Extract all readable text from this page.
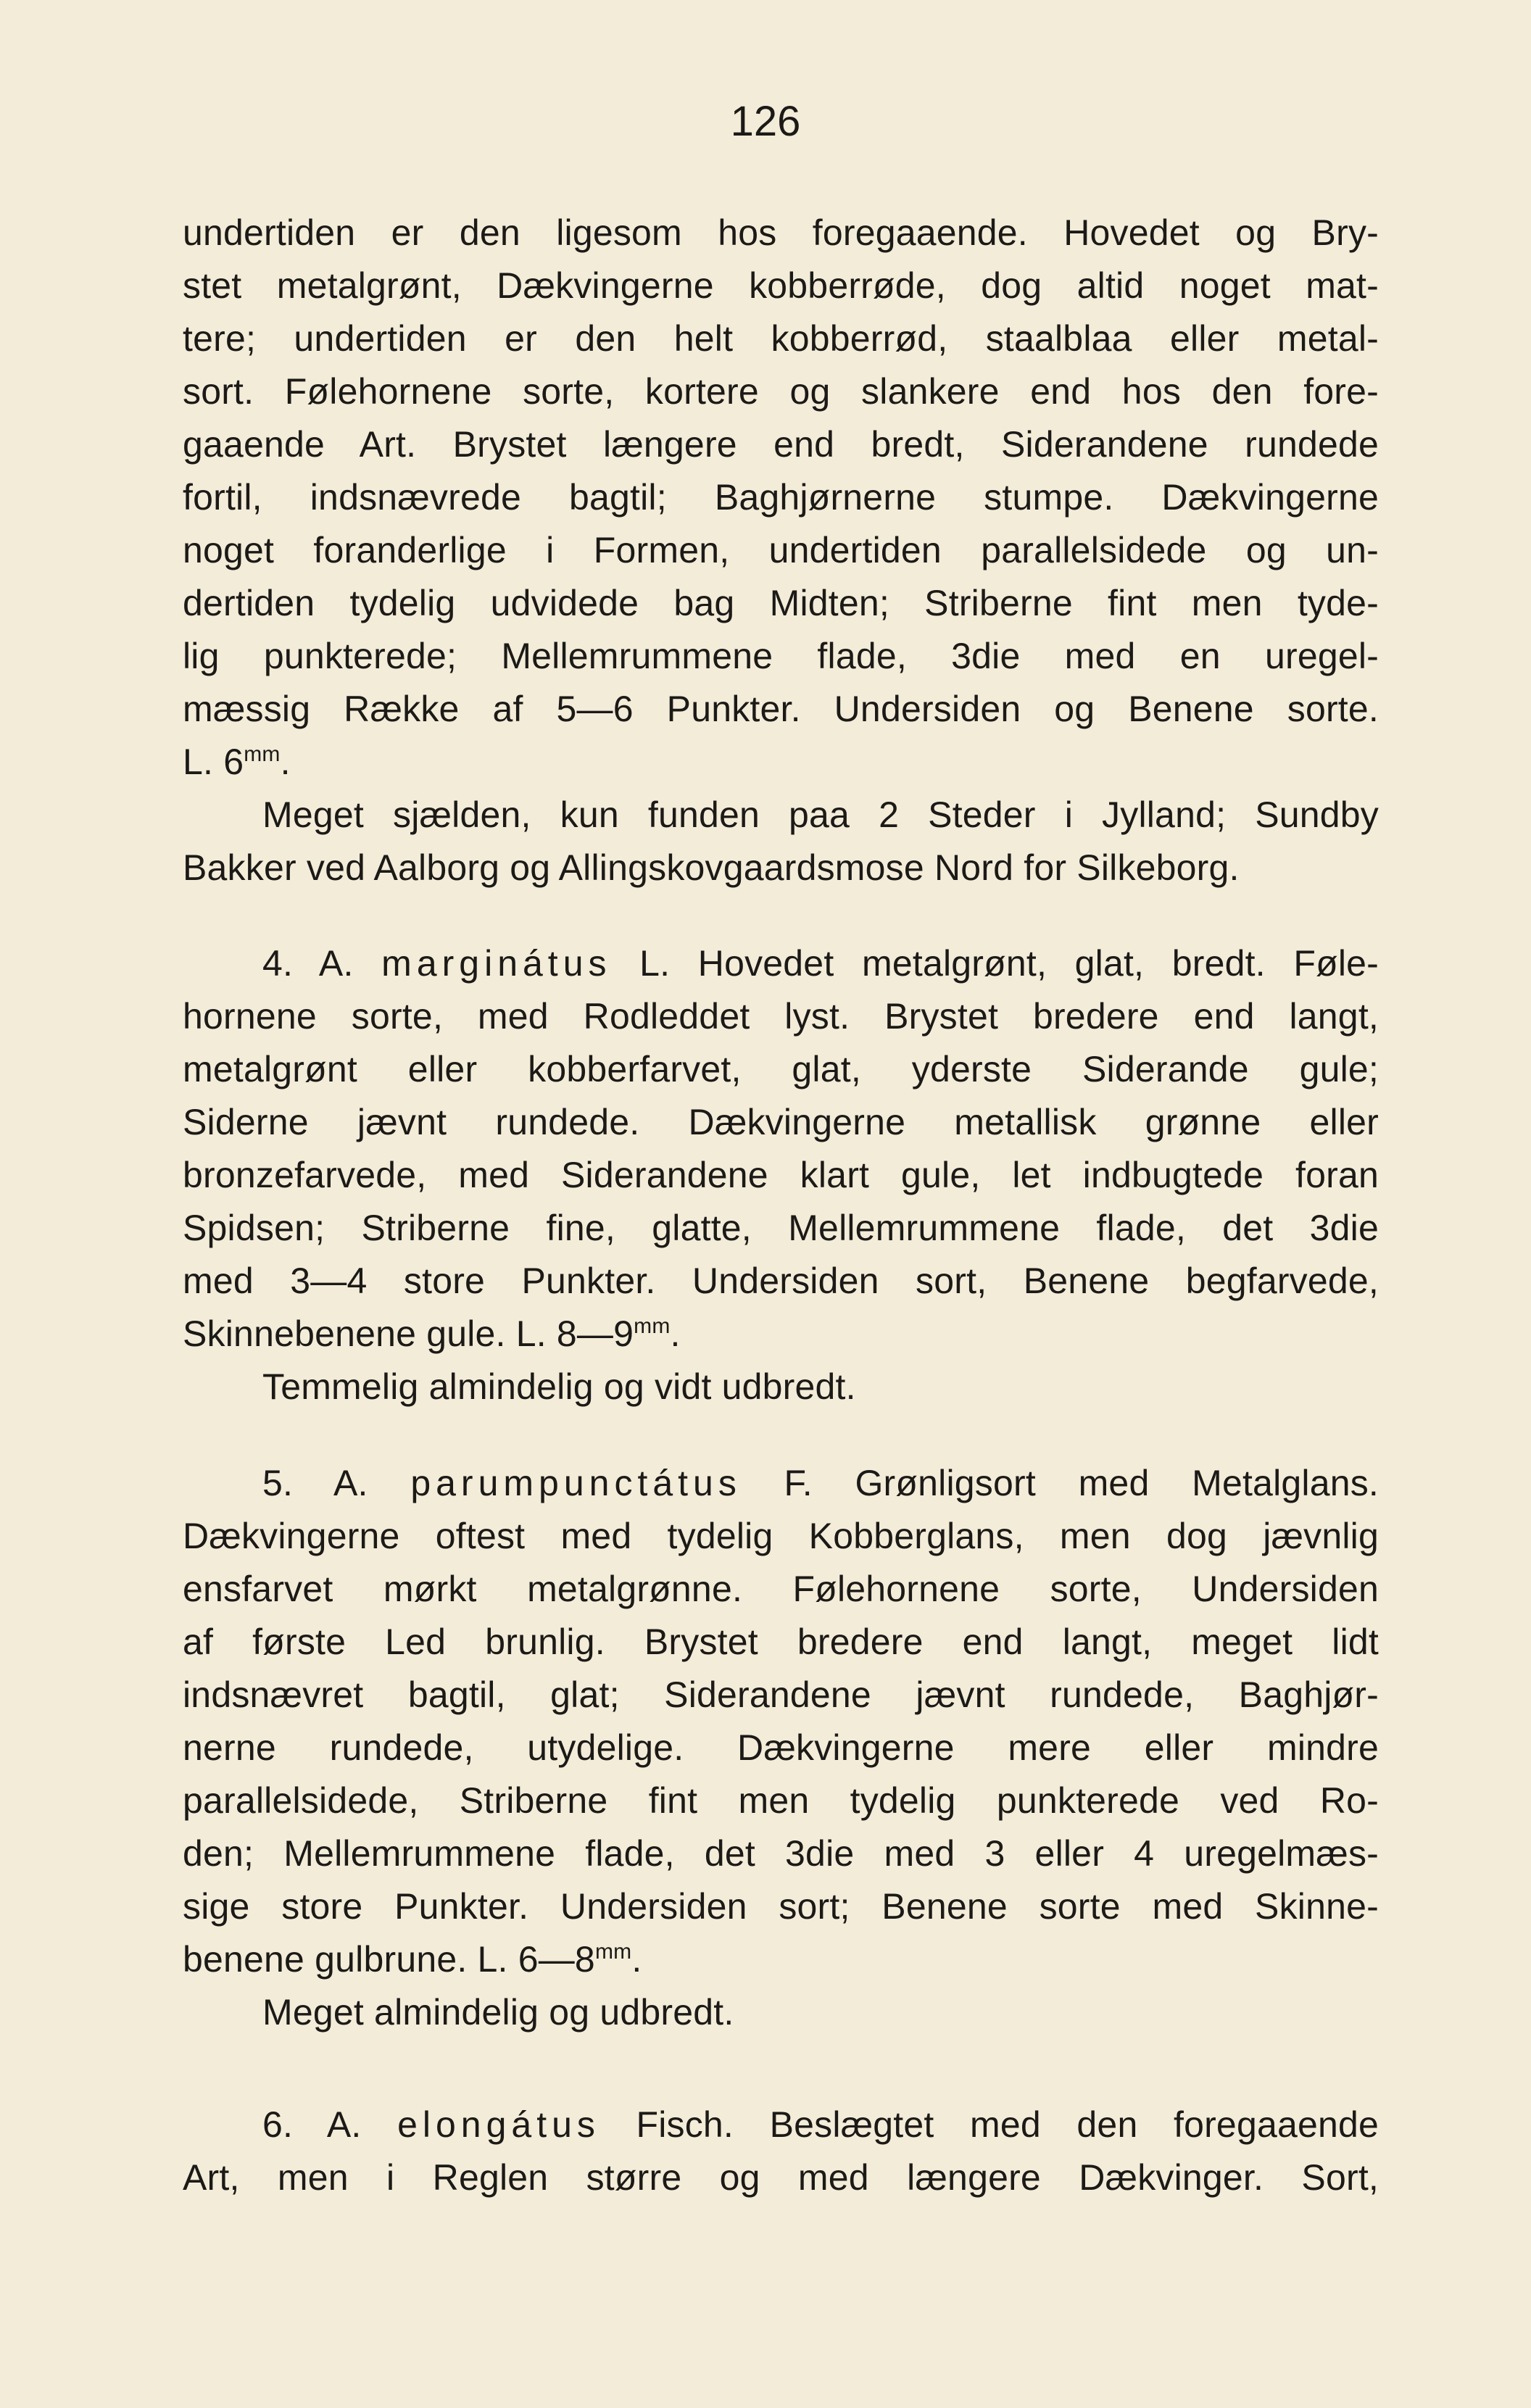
126
undertiden er den ligesom hos foregaaende. Hovedet og Bry-
stet metalgrønt, Dækvingerne kobberrøde, dog altid noget mat-
tere; undertiden er den helt kobberrød, staalblaa eller metal-
sort. Følehornene sorte, kortere og slankere end hos den fore-
gaaende Art. Brystet længere end bredt, Siderandene rundede
fortil, indsnævrede bagtil; Baghjørnerne stumpe. Dækvingerne
noget foranderlige i Formen, undertiden parallelsidede og un-
dertiden tydelig udvidede bag Midten; Striberne fint men tyde-
lig punkterede; Mellemrummene flade, 3die med en uregel-
mæssig Række af 5—6 Punkter. Undersiden og Benene sorte.
L. $6^{mm}$.
Meget sjælden, kun funden paa 2 Steder i Jylland; Sundby
Bakker ved Aalborg og Allingskovgaardsmose Nord for Silkeborg.
4. A. marginátus L. Hovedet metalgrønt, glat, bredt. Føle-
hornene sorte, med Rodleddet lyst. Brystet bredere end langt,
metalgrønt eller kobberfarvet, glat, yderste Siderande gule;
Siderne jævnt rundede. Dækvingerne metallisk grønne eller
bronzefarvede, med Siderandene klart gule, let indbugtede foran
Spidsen; Striberne fine, glatte, Mellemrummene flade, det 3die
med 3—4 store Punkter. Undersiden sort, Benene begfarvede,
Skinnebenene gule. L. $8—9^{mm}$.
Temmelig almindelig og vidt udbredt.
5. A. parumpunctátus F. Grønligsort med Metalglans.
Dækvingerne oftest med tydelig Kobberglans, men dog jævnlig
ensfarvet mørkt metalgrønne. Følehornene sorte, Undersiden
af første Led brunlig. Brystet bredere end langt, meget lidt
indsnævret bagtil, glat; Siderandene jævnt rundede, Baghjør-
nerne rundede, utydelige. Dækvingerne mere eller mindre
parallelsidede, Striberne fint men tydelig punkterede ved Ro-
den; Mellemrummene flade, det 3die med 3 eller 4 uregelmæs-
sige store Punkter. Undersiden sort; Benene sorte med Skinne-
benene gulbrune. L. $6—8^{mm}$.
Meget almindelig og udbredt.
6. A. elongátus Fisch. Beslægtet med den foregaaende
Art, men i Reglen større og med længere Dækvinger. Sort,
